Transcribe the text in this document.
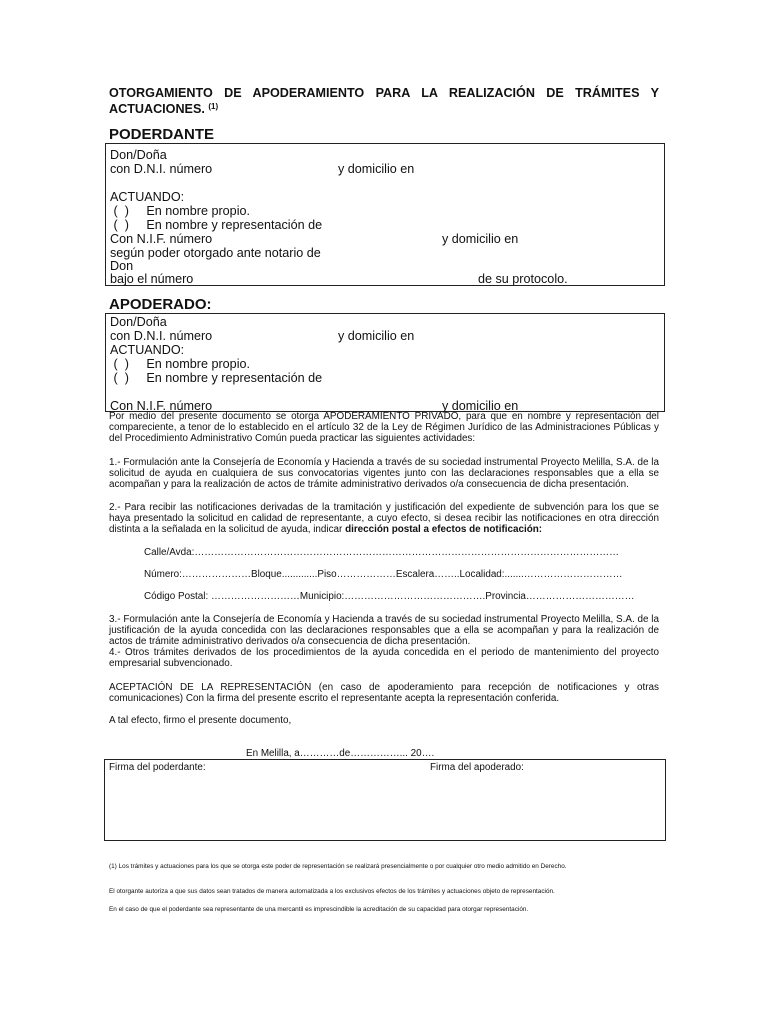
OTORGAMIENTO DE APODERAMIENTO PARA LA REALIZACIÓN DE TRÁMITES Y ACTUACIONES. $^{(1)}$
PODERDANTE
Don/Doña
con D.N.I. número	y domicilio en
ACTUANDO:
(  )     En nombre propio.
(  )     En nombre y representación de
Con N.I.F. número	y domicilio en
según poder otorgado ante notario de
Don
bajo el número	de su protocolo.
APODERADO:
Don/Doña
con D.N.I. número	y domicilio en
ACTUANDO:
(  )     En nombre propio.
(  )     En nombre y representación de
Con N.I.F. número	y domicilio en
Por medio del presente documento se otorga APODERAMIENTO PRIVADO, para que en nombre y representación del compareciente, a tenor de lo establecido en el artículo 32 de la Ley de Régimen Jurídico de las Administraciones Públicas y del Procedimiento Administrativo Común pueda practicar las siguientes actividades:
1.- Formulación ante la Consejería de Economía y Hacienda a través de su sociedad instrumental Proyecto Melilla, S.A. de la solicitud de ayuda en cualquiera de sus convocatorias vigentes junto con las declaraciones responsables que a ella se acompañan y para la realización de actos de trámite administrativo derivados o/a consecuencia de dicha presentación.
2.- Para recibir las notificaciones derivadas de la tramitación y justificación del expediente de subvención para los que se haya presentado la solicitud en calidad de representante, a cuyo efecto, si desea recibir las notificaciones en otra dirección distinta a la señalada en la solicitud de ayuda, indicar dirección postal a efectos de notificación:
Calle/Avda:…………………………………………………………………………………………………………………
Número:…………………Bloque.............Piso………………Escalera……..Localidad:.......…………………………
Código Postal: ………………………Municipio:…………………………………….Provincia……………………………
3.- Formulación ante la Consejería de Economía y Hacienda a través de su sociedad instrumental Proyecto Melilla, S.A. de la justificación de la ayuda concedida con las declaraciones responsables que a ella se acompañan y para la realización de actos de trámite administrativo derivados o/a consecuencia de dicha presentación.
4.- Otros trámites derivados de los procedimientos de la ayuda concedida en el periodo de mantenimiento del proyecto empresarial subvencionado.
ACEPTACIÓN DE LA REPRESENTACIÓN (en caso de apoderamiento para recepción de notificaciones y otras comunicaciones) Con la firma del presente escrito el representante acepta la representación conferida.
A tal efecto, firmo el presente documento,
En Melilla, a…………de……………... 20….
Firma del poderdante:	Firma del apoderado:
(1) Los trámites y actuaciones para los que se otorga este poder de representación se realizará presencialmente o por cualquier otro medio admitido en Derecho.
El otorgante autoriza a que sus datos sean tratados de manera automatizada a los exclusivos efectos de los trámites y actuaciones objeto de representación.
En el caso de que el poderdante sea representante de una mercantil es imprescindible la acreditación de su capacidad para otorgar representación.
